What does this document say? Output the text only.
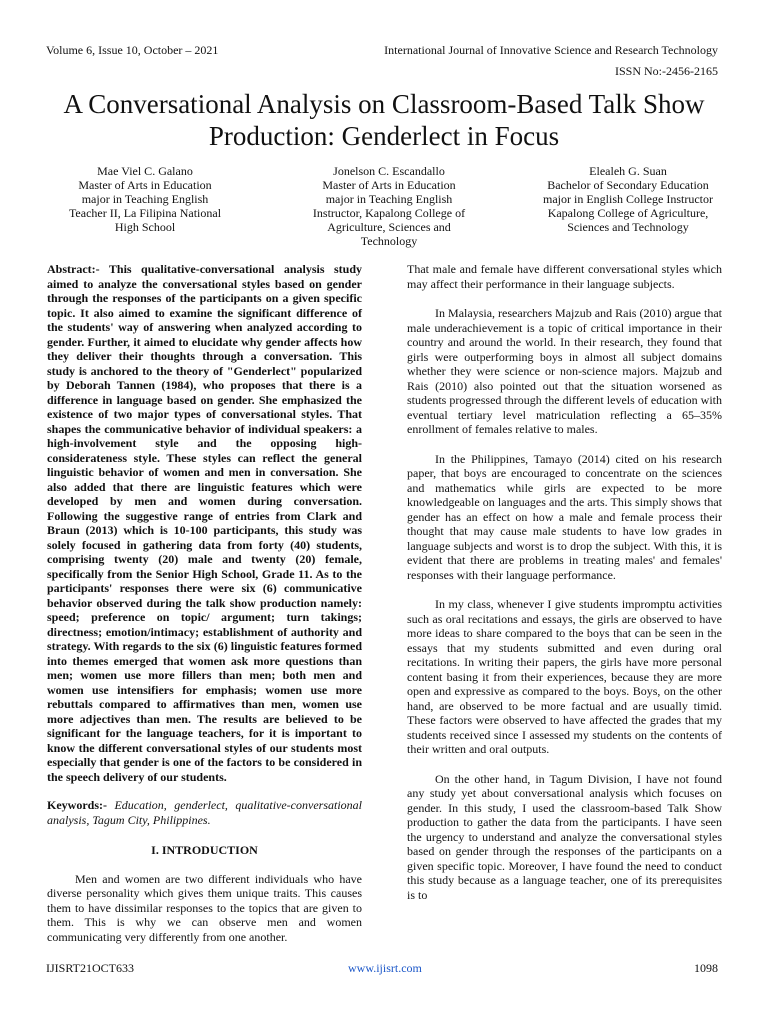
Volume 6, Issue 10, October – 2021	International Journal of Innovative Science and Research Technology
ISSN No:-2456-2165
A Conversational Analysis on Classroom-Based Talk Show Production: Genderlect in Focus
Mae Viel C. Galano
Master of Arts in Education
major in Teaching English
Teacher II, La Filipina National
High School
Jonelson C. Escandallo
Master of Arts in Education
major in Teaching English
Instructor, Kapalong College of
Agriculture, Sciences and
Technology
Elealeh G. Suan
Bachelor of Secondary Education
major in English College Instructor
Kapalong College of Agriculture,
Sciences and Technology

Abstract:- This qualitative-conversational analysis study aimed to analyze the conversational styles based on gender through the responses of the participants on a given specific topic. It also aimed to examine the significant difference of the students' way of answering when analyzed according to gender. Further, it aimed to elucidate why gender affects how they deliver their thoughts through a conversation. This study is anchored to the theory of "Genderlect" popularized by Deborah Tannen (1984), who proposes that there is a difference in language based on gender. She emphasized the existence of two major types of conversational styles. That shapes the communicative behavior of individual speakers: a high-involvement style and the opposing high-considerateness style. These styles can reflect the general linguistic behavior of women and men in conversation. She also added that there are linguistic features which were developed by men and women during conversation. Following the suggestive range of entries from Clark and Braun (2013) which is 10-100 participants, this study was solely focused in gathering data from forty (40) students, comprising twenty (20) male and twenty (20) female, specifically from the Senior High School, Grade 11. As to the participants' responses there were six (6) communicative behavior observed during the talk show production namely: speed; preference on topic/ argument; turn takings; directness; emotion/intimacy; establishment of authority and strategy. With regards to the six (6) linguistic features formed into themes emerged that women ask more questions than men; women use more fillers than men; both men and women use intensifiers for emphasis; women use more rebuttals compared to affirmatives than men, women use more adjectives than men. The results are believed to be significant for the language teachers, for it is important to know the different conversational styles of our students most especially that gender is one of the factors to be considered in the speech delivery of our students.

Keywords:- Education, genderlect, qualitative-conversational analysis, Tagum City, Philippines.

I. INTRODUCTION

Men and women are two different individuals who have diverse personality which gives them unique traits. This causes them to have dissimilar responses to the topics that are given to them. This is why we can observe men and women communicating very differently from one another.

That male and female have different conversational styles which may affect their performance in their language subjects.

In Malaysia, researchers Majzub and Rais (2010) argue that male underachievement is a topic of critical importance in their country and around the world. In their research, they found that girls were outperforming boys in almost all subject domains whether they were science or non-science majors. Majzub and Rais (2010) also pointed out that the situation worsened as students progressed through the different levels of education with eventual tertiary level matriculation reflecting a 65–35% enrollment of females relative to males.

In the Philippines, Tamayo (2014) cited on his research paper, that boys are encouraged to concentrate on the sciences and mathematics while girls are expected to be more knowledgeable on languages and the arts. This simply shows that gender has an effect on how a male and female process their thought that may cause male students to have low grades in language subjects and worst is to drop the subject. With this, it is evident that there are problems in treating males' and females' responses with their language performance.

In my class, whenever I give students impromptu activities such as oral recitations and essays, the girls are observed to have more ideas to share compared to the boys that can be seen in the essays that my students submitted and even during oral recitations. In writing their papers, the girls have more personal content basing it from their experiences, because they are more open and expressive as compared to the boys. Boys, on the other hand, are observed to be more factual and are usually timid. These factors were observed to have affected the grades that my students received since I assessed my students on the contents of their written and oral outputs.

On the other hand, in Tagum Division, I have not found any study yet about conversational analysis which focuses on gender. In this study, I used the classroom-based Talk Show production to gather the data from the participants. I have seen the urgency to understand and analyze the conversational styles based on gender through the responses of the participants on a given specific topic. Moreover, I have found the need to conduct this study because as a language teacher, one of its prerequisites is to

IJISRT21OCT633	www.ijisrt.com	1098
